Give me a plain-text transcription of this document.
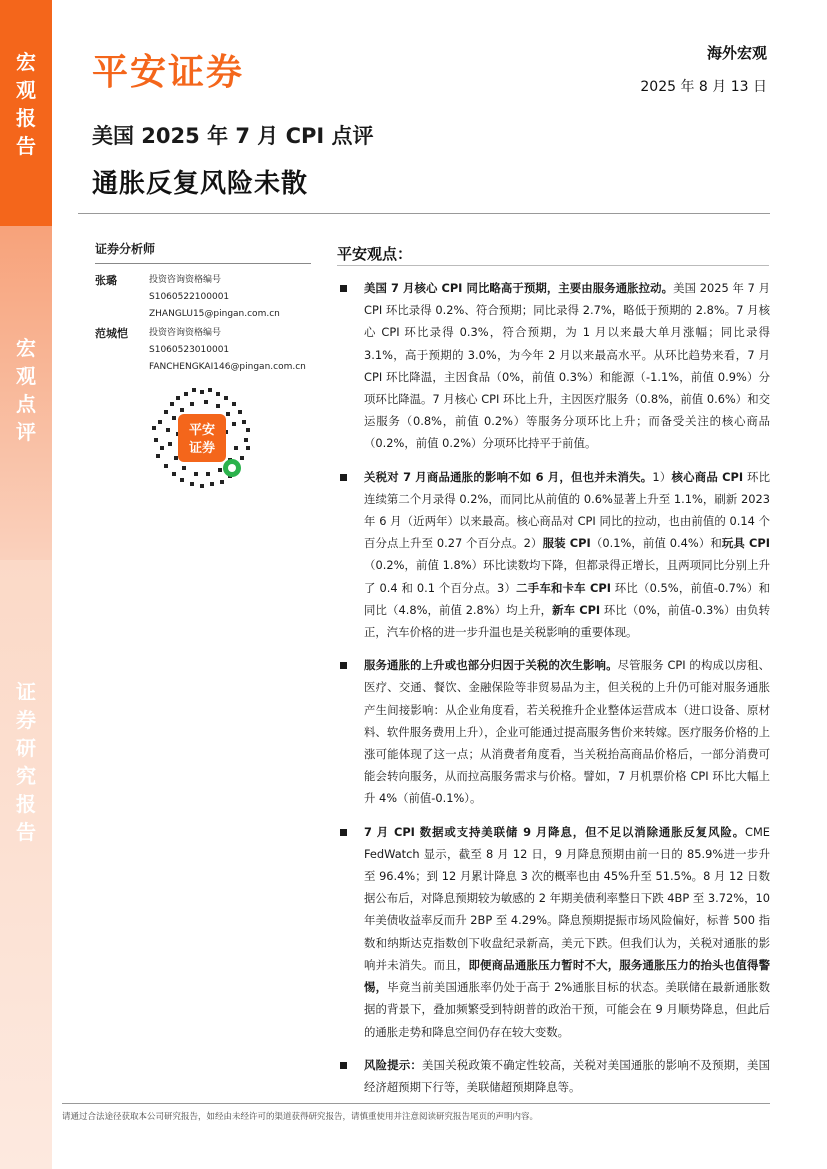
宏
观
报
告
宏
观
点
评
证
券
研
究
报
告
平安证券	海外宏观
2025 年 8 月 13 日
美国 2025 年 7 月 CPI 点评
通胀反复风险未散
证券分析师
张璐	投资咨询资格编号
S1060522100001
ZHANGLU15@pingan.com.cn
范城恺	投资咨询资格编号
S1060523010001
FANCHENGKAI146@pingan.com.cn
平安
证券
平安观点：
美国 7 月核心 CPI 同比略高于预期，主要由服务通胀拉动。美国 2025 年 7 月 CPI 环比录得 0.2%、符合预期；同比录得 2.7%，略低于预期的 2.8%。7 月核心 CPI 环比录得 0.3%，符合预期，为 1 月以来最大单月涨幅；同比录得 3.1%，高于预期的 3.0%，为今年 2 月以来最高水平。从环比趋势来看，7 月 CPI 环比降温，主因食品（0%，前值 0.3%）和能源（-1.1%，前值 0.9%）分项环比降温。7 月核心 CPI 环比上升，主因医疗服务（0.8%，前值 0.6%）和交运服务（0.8%，前值 0.2%）等服务分项环比上升；而备受关注的核心商品（0.2%，前值 0.2%）分项环比持平于前值。
关税对 7 月商品通胀的影响不如 6 月，但也并未消失。1）核心商品 CPI 环比连续第二个月录得 0.2%，而同比从前值的 0.6%显著上升至 1.1%，刷新 2023 年 6 月（近两年）以来最高。核心商品对 CPI 同比的拉动，也由前值的 0.14 个百分点上升至 0.27 个百分点。2）服装 CPI（0.1%，前值 0.4%）和玩具 CPI（0.2%，前值 1.8%）环比读数均下降，但都录得正增长，且两项同比分别上升了 0.4 和 0.1 个百分点。3）二手车和卡车 CPI 环比（0.5%，前值-0.7%）和同比（4.8%，前值 2.8%）均上升，新车 CPI 环比（0%，前值-0.3%）由负转正，汽车价格的进一步升温也是关税影响的重要体现。
服务通胀的上升或也部分归因于关税的次生影响。尽管服务 CPI 的构成以房租、医疗、交通、餐饮、金融保险等非贸易品为主，但关税的上升仍可能对服务通胀产生间接影响：从企业角度看，若关税推升企业整体运营成本（进口设备、原材料、软件服务费用上升），企业可能通过提高服务售价来转嫁。医疗服务价格的上涨可能体现了这一点；从消费者角度看，当关税抬高商品价格后，一部分消费可能会转向服务，从而拉高服务需求与价格。譬如，7 月机票价格 CPI 环比大幅上升 4%（前值-0.1%）。
7 月 CPI 数据或支持美联储 9 月降息，但不足以消除通胀反复风险。CME FedWatch 显示，截至 8 月 12 日，9 月降息预期由前一日的 85.9%进一步升至 96.4%；到 12 月累计降息 3 次的概率也由 45%升至 51.5%。8 月 12 日数据公布后，对降息预期较为敏感的 2 年期美债利率整日下跌 4BP 至 3.72%，10 年美债收益率反而升 2BP 至 4.29%。降息预期提振市场风险偏好，标普 500 指数和纳斯达克指数创下收盘纪录新高，美元下跌。但我们认为，关税对通胀的影响并未消失。而且，即便商品通胀压力暂时不大，服务通胀压力的抬头也值得警惕，毕竟当前美国通胀率仍处于高于 2%通胀目标的状态。美联储在最新通胀数据的背景下，叠加频繁受到特朗普的政治干预，可能会在 9 月顺势降息，但此后的通胀走势和降息空间仍存在较大变数。
风险提示：美国关税政策不确定性较高，关税对美国通胀的影响不及预期，美国经济超预期下行等，美联储超预期降息等。
请通过合法途径获取本公司研究报告，如经由未经许可的渠道获得研究报告，请慎重使用并注意阅读研究报告尾页的声明内容。
